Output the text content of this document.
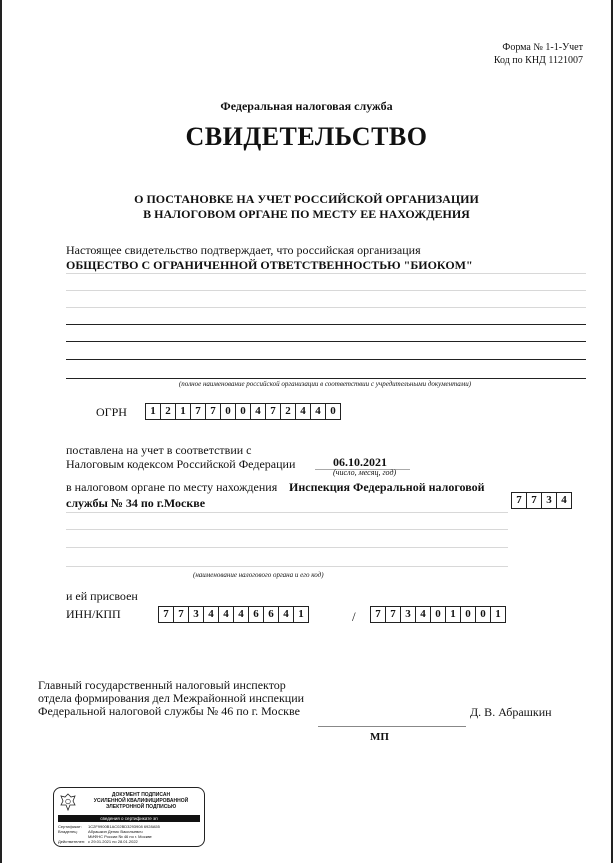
Форма № 1-1-Учет
Код по КНД 1121007
Федеральная налоговая служба
СВИДЕТЕЛЬСТВО
О ПОСТАНОВКЕ НА УЧЕТ РОССИЙСКОЙ ОРГАНИЗАЦИИ
В НАЛОГОВОМ ОРГАНЕ ПО МЕСТУ ЕЕ НАХОЖДЕНИЯ
Настоящее свидетельство подтверждает, что российская организация
ОБЩЕСТВО С ОГРАНИЧЕННОЙ ОТВЕТСТВЕННОСТЬЮ "БИОКОМ"
(полное наименование российской организации в соответствии с учредительными документами)
ОГРН	1 2 1 7 7 0 0 4 7 2 4 4 0
поставлена на учет в соответствии с
Налоговым кодексом Российской Федерации	06.10.2021
(число, месяц, год)
в налоговом органе по месту нахождения Инспекция Федеральной налоговой
службы № 34 по г.Москве	7 7 3 4
(наименование налогового органа и его код)
и ей присвоен
ИНН/КПП	7 7 3 4 4 4 6 6 4 1	/	7 7 3 4 0 1 0 0 1
Главный государственный налоговый инспектор
отдела формирования дел Межрайонной инспекции
Федеральной налоговой службы № 46 по г. Москве	Д. В. Абрашкин
МП
ДОКУМЕНТ ПОДПИСАН
УСИЛЕННОЙ КВАЛИФИЦИРОВАННОЙ
ЭЛЕКТРОННОЙ ПОДПИСЬЮ
сведения о сертификате эп
Сертификат:	1C2F9900B1AC02BD3293908 6928A55
Владелец:	Абрашкин Денис Васильевич
МИФНС России № 46 по г. Москве
Действителен: с 29.01.2021 по 28.01.2022
